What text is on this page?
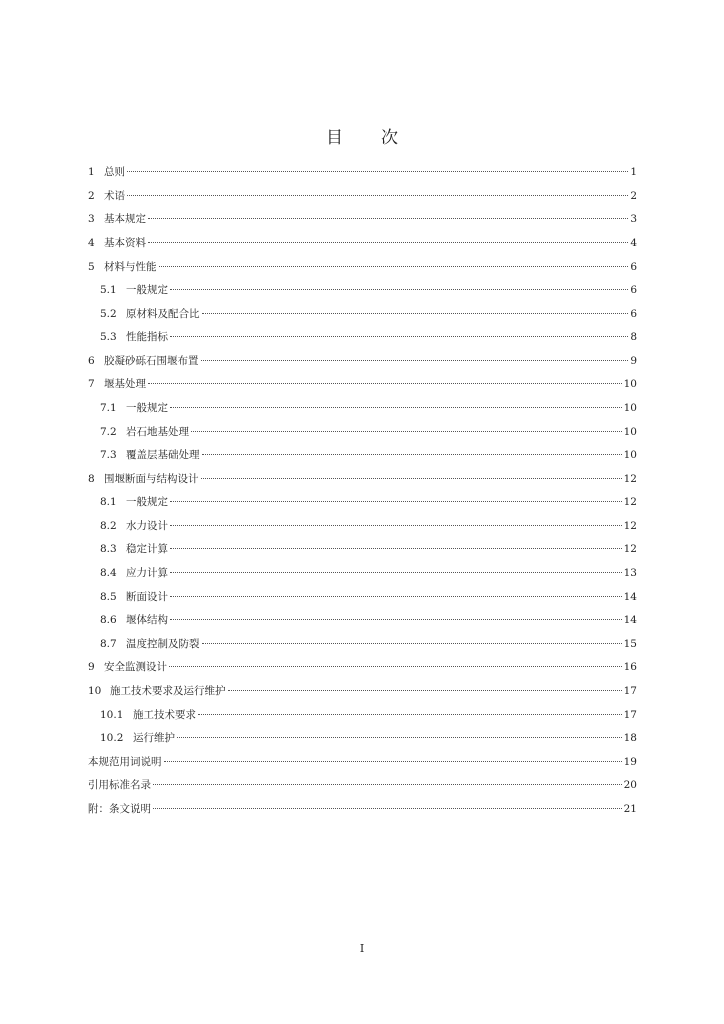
​
目 次
1 总则	1
2 术语	2
3 基本规定	3
4 基本资料	4
5 材料与性能	6
5.1 一般规定	6
5.2 原材料及配合比	6
5.3 性能指标	8
6 胶凝砂砾石围堰布置	9
7 堰基处理	10
7.1 一般规定	10
7.2 岩石地基处理	10
7.3 覆盖层基础处理	10
8 围堰断面与结构设计	12
8.1 一般规定	12
8.2 水力设计	12
8.3 稳定计算	12
8.4 应力计算	13
8.5 断面设计	14
8.6 堰体结构	14
8.7 温度控制及防裂	15
9 安全监测设计	16
10 施工技术要求及运行维护	17
10.1 施工技术要求	17
10.2 运行维护	18
本规范用词说明	19
引用标准名录	20
附：条文说明	21
I
